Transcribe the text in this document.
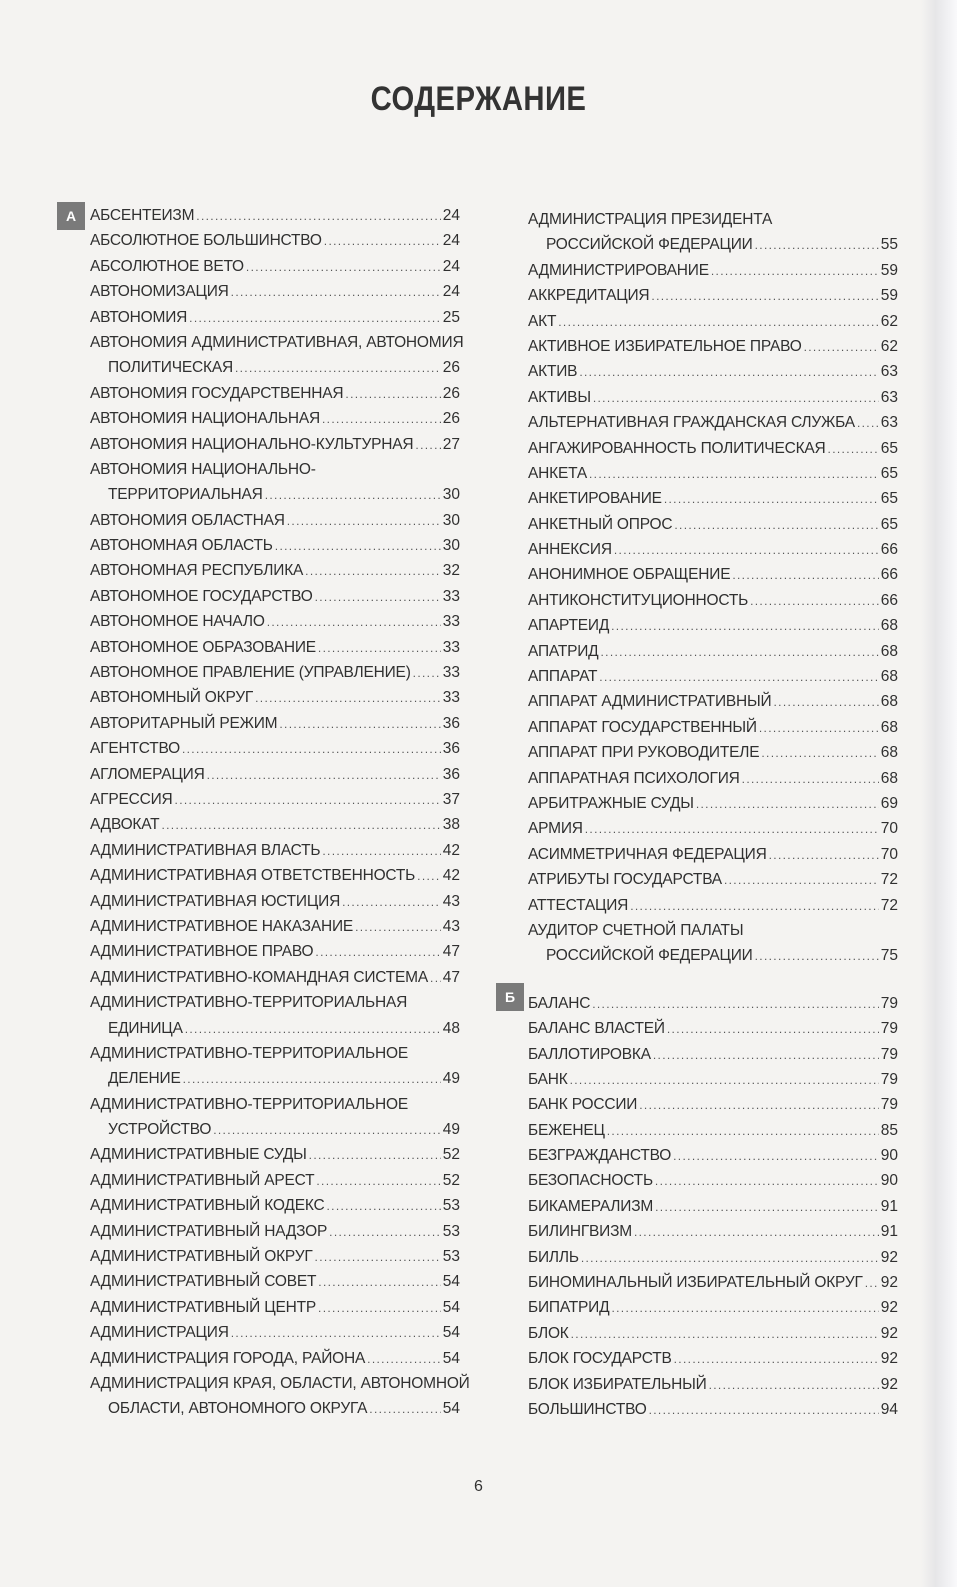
СОДЕРЖАНИЕ
А АБСЕНТЕИЗМ . . .	24
АБСОЛЮТНОЕ БОЛЬШИНСТВО . . .	24
АБСОЛЮТНОЕ ВЕТО . . .	24
АВТОНОМИЗАЦИЯ . . .	24
АВТОНОМИЯ . . .	25
АВТОНОМИЯ АДМИНИСТРАТИВНАЯ, АВТОНОМИЯ
ПОЛИТИЧЕСКАЯ . . .	26
АВТОНОМИЯ ГОСУДАРСТВЕННАЯ . . .	26
АВТОНОМИЯ НАЦИОНАЛЬНАЯ . . .	26
АВТОНОМИЯ НАЦИОНАЛЬНО-КУЛЬТУРНАЯ . . . 27
АВТОНОМИЯ НАЦИОНАЛЬНО-
ТЕРРИТОРИАЛЬНАЯ . . .	30
АВТОНОМИЯ ОБЛАСТНАЯ . . .	30
АВТОНОМНАЯ ОБЛАСТЬ . . .	30
АВТОНОМНАЯ РЕСПУБЛИКА . . .	32
АВТОНОМНОЕ ГОСУДАРСТВО . . .	33
АВТОНОМНОЕ НАЧАЛО . . .	33
АВТОНОМНОЕ ОБРАЗОВАНИЕ . . .	33
АВТОНОМНОЕ ПРАВЛЕНИЕ (УПРАВЛЕНИЕ) . . . 33
АВТОНОМНЫЙ ОКРУГ . . .	33
АВТОРИТАРНЫЙ РЕЖИМ . . .	36
АГЕНТСТВО . . .	36
АГЛОМЕРАЦИЯ . . .	36
АГРЕССИЯ . . .	37
АДВОКАТ . . .	38
АДМИНИСТРАТИВНАЯ ВЛАСТЬ . . .	42
АДМИНИСТРАТИВНАЯ ОТВЕТСТВЕННОСТЬ . . . 42
АДМИНИСТРАТИВНАЯ ЮСТИЦИЯ . . .	43
АДМИНИСТРАТИВНОЕ НАКАЗАНИЕ . . .	43
АДМИНИСТРАТИВНОЕ ПРАВО . . .	47
АДМИНИСТРАТИВНО-КОМАНДНАЯ СИСТЕМА . . . 47
АДМИНИСТРАТИВНО-ТЕРРИТОРИАЛЬНАЯ
ЕДИНИЦА . . .	48
АДМИНИСТРАТИВНО-ТЕРРИТОРИАЛЬНОЕ
ДЕЛЕНИЕ . . .	49
АДМИНИСТРАТИВНО-ТЕРРИТОРИАЛЬНОЕ
УСТРОЙСТВО . . .	49
АДМИНИСТРАТИВНЫЕ СУДЫ . . .	52
АДМИНИСТРАТИВНЫЙ АРЕСТ . . .	52
АДМИНИСТРАТИВНЫЙ КОДЕКС . . .	53
АДМИНИСТРАТИВНЫЙ НАДЗОР . . .	53
АДМИНИСТРАТИВНЫЙ ОКРУГ . . .	53
АДМИНИСТРАТИВНЫЙ СОВЕТ . . .	54
АДМИНИСТРАТИВНЫЙ ЦЕНТР . . .	54
АДМИНИСТРАЦИЯ . . .	54
АДМИНИСТРАЦИЯ ГОРОДА, РАЙОНА . . .	54
АДМИНИСТРАЦИЯ КРАЯ, ОБЛАСТИ, АВТОНОМНОЙ
ОБЛАСТИ, АВТОНОМНОГО ОКРУГА . . .	54
АДМИНИСТРАЦИЯ ПРЕЗИДЕНТА
РОССИЙСКОЙ ФЕДЕРАЦИИ . . .	55
АДМИНИСТРИРОВАНИЕ . . .	59
АККРЕДИТАЦИЯ . . .	59
АКТ . . .	62
АКТИВНОЕ ИЗБИРАТЕЛЬНОЕ ПРАВО . . .	62
АКТИВ . . .	63
АКТИВЫ . . .	63
АЛЬТЕРНАТИВНАЯ ГРАЖДАНСКАЯ СЛУЖБА . . . 63
АНГАЖИРОВАННОСТЬ ПОЛИТИЧЕСКАЯ . . .	65
АНКЕТА . . .	65
АНКЕТИРОВАНИЕ . . .	65
АНКЕТНЫЙ ОПРОС . . .	65
АННЕКСИЯ . . .	66
АНОНИМНОЕ ОБРАЩЕНИЕ . . .	66
АНТИКОНСТИТУЦИОННОСТЬ . . .	66
АПАРТЕИД . . .	68
АПАТРИД . . .	68
АППАРАТ . . .	68
АППАРАТ АДМИНИСТРАТИВНЫЙ . . .	68
АППАРАТ ГОСУДАРСТВЕННЫЙ . . .	68
АППАРАТ ПРИ РУКОВОДИТЕЛЕ . . .	68
АППАРАТНАЯ ПСИХОЛОГИЯ . . .	68
АРБИТРАЖНЫЕ СУДЫ . . .	69
АРМИЯ . . .	70
АСИММЕТРИЧНАЯ ФЕДЕРАЦИЯ . . .	70
АТРИБУТЫ ГОСУДАРСТВА . . .	72
АТТЕСТАЦИЯ . . .	72
АУДИТОР СЧЕТНОЙ ПАЛАТЫ
РОССИЙСКОЙ ФЕДЕРАЦИИ . . .	75
БАЛАНС . . .	79
БАЛАНС ВЛАСТЕЙ . . .	79
БАЛЛОТИРОВКА . . .	79
БАНК . . .	79
БАНК РОССИИ . . .	79
БЕЖЕНЕЦ . . .	85
БЕЗГРАЖДАНСТВО . . .	90
БЕЗОПАСНОСТЬ . . .	90
БИКАМЕРАЛИЗМ . . .	91
БИЛИНГВИЗМ . . .	91
БИЛЛЬ . . .	92
БИНОМИНАЛЬНЫЙ ИЗБИРАТЕЛЬНЫЙ ОКРУГ . . . 92
БИПАТРИД . . .	92
БЛОК . . .	92
БЛОК ГОСУДАРСТВ . . .	92
БЛОК ИЗБИРАТЕЛЬНЫЙ . . .	92
БОЛЬШИНСТВО . . .	94
Б
6
